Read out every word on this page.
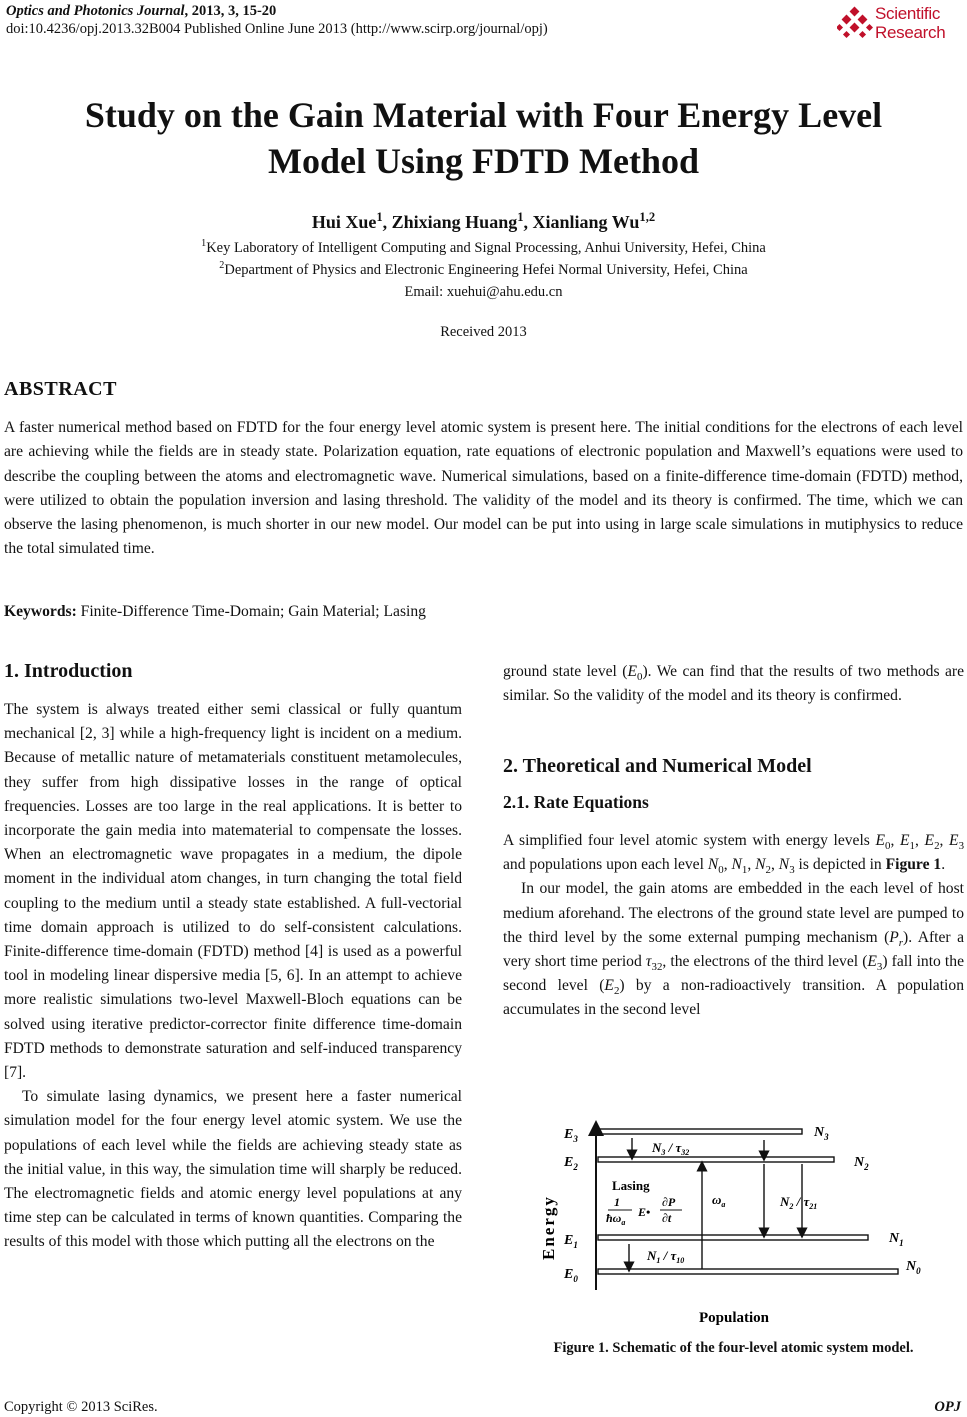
Optics and Photonics Journal, 2013, 3, 15-20
doi:10.4236/opj.2013.32B004 Published Online June 2013 (http://www.scirp.org/journal/opj)
Scientific
Research
Study on the Gain Material with Four Energy Level
Model Using FDTD Method
Hui Xue$^1$, Zhixiang Huang$^1$, Xianliang Wu$^{1,2}$
$^1$Key Laboratory of Intelligent Computing and Signal Processing, Anhui University, Hefei, China
$^2$Department of Physics and Electronic Engineering Hefei Normal University, Hefei, China
Email: xuehui@ahu.edu.cn
Received 2013
ABSTRACT
A faster numerical method based on FDTD for the four energy level atomic system is present here. The initial conditions for the electrons of each level are achieving while the fields are in steady state. Polarization equation, rate equations of electronic population and Maxwell’s equations were used to describe the coupling between the atoms and electromagnetic wave. Numerical simulations, based on a finite-difference time-domain (FDTD) method, were utilized to obtain the population inversion and lasing threshold. The validity of the model and its theory is confirmed. The time, which we can observe the lasing phenomenon, is much shorter in our new model. Our model can be put into using in large scale simulations in mutiphysics to reduce the total simulated time.
Keywords: Finite-Difference Time-Domain; Gain Material; Lasing
1. Introduction

The system is always treated either semi classical or fully quantum mechanical [2, 3] while a high-frequency light is incident on a medium. Because of metallic nature of metamaterials constituent metamolecules, they suffer from high dissipative losses in the range of optical frequencies. Losses are too large in the real applications. It is better to incorporate the gain media into matematerial to compensate the losses. When an electromagnetic wave propagates in a medium, the dipole moment in the individual atom changes, in turn changing the total field coupling to the medium until a steady state established. A full-vectorial time domain approach is utilized to do self-consistent calculations. Finite-difference time-domain (FDTD) method [4] is used as a powerful tool in modeling linear dispersive media [5, 6]. In an attempt to achieve more realistic simulations two-level Maxwell-Bloch equations can be solved using iterative predictor-corrector finite difference time-domain FDTD methods to demonstrate saturation and self-induced transparency [7].

To simulate lasing dynamics, we present here a faster numerical simulation model for the four energy level atomic system. We use the populations of each level while the fields are achieving steady state as the initial value, in this way, the simulation time will sharply be reduced. The electromagnetic fields and atomic energy level populations at any time step can be calculated in terms of known quantities. Comparing the results of this model with those which putting all the electrons on the

ground state level $(E_0)$. We can find that the results of two methods are similar. So the validity of the model and its theory is confirmed.

2. Theoretical and Numerical Model
2.1. Rate Equations

A simplified four level atomic system with energy levels $E_0$, $E_1$, $E_2$, $E_3$ and populations upon each level $N_0$, $N_1$, $N_2$, $N_3$ is depicted in Figure 1.

In our model, the gain atoms are embedded in the each level of host medium aforehand. The electrons of the ground state level are pumped to the third level by the some external pumping mechanism $(P_r)$. After a very short time period $\tau_{32}$, the electrons of the third level $(E_3)$ fall into the second level $(E_2)$ by a non-radioactively transition. A population accumulates in the second level

Energy
$E_3$
$E_2$
$E_1$
$E_0$
$N_3$
$N_2$
$N_1$
$N_0$
$N_3 / \tau_{32}$
$N_2 / \tau_{21}$
$N_1 / \tau_{10}$
$\omega_a$
Lasing
1
$ħ\omega_a$
E•
∂P
∂t
Population
Figure 1. Schematic of the four-level atomic system model.
Copyright © 2013 SciRes.	OPJ
